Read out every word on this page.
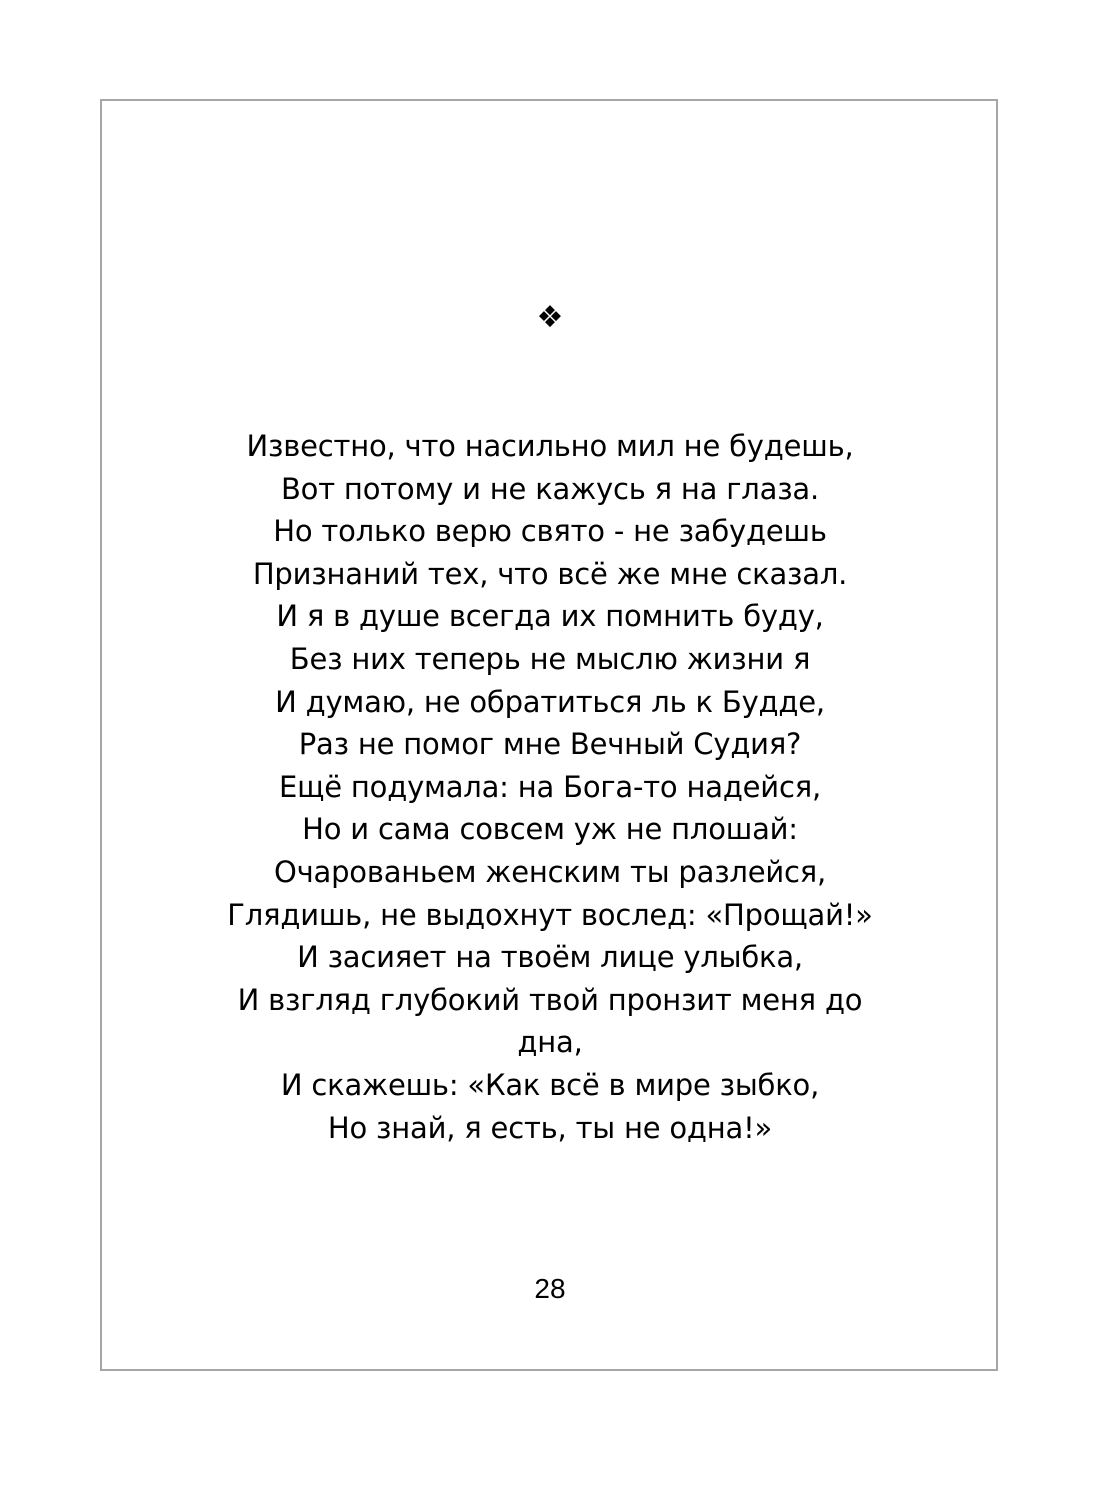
❖
Известно, что насильно мил не будешь,
Вот потому и не кажусь я на глаза.
Но только верю свято - не забудешь
Признаний тех, что всё же мне сказал.
И я в душе всегда их помнить буду,
Без них теперь не мыслю жизни я
И думаю, не обратиться ль к Будде,
Раз не помог мне Вечный Судия?
Ещё подумала: на Бога-то надейся,
Но и сама совсем уж не плошай:
Очарованьем женским ты разлейся,
Глядишь, не выдохнут вослед: «Прощай!»
И засияет на твоём лице улыбка,
И взгляд глубокий твой пронзит меня до
дна,
И скажешь: «Как всё в мире зыбко,
Но знай, я есть, ты не одна!»
28
